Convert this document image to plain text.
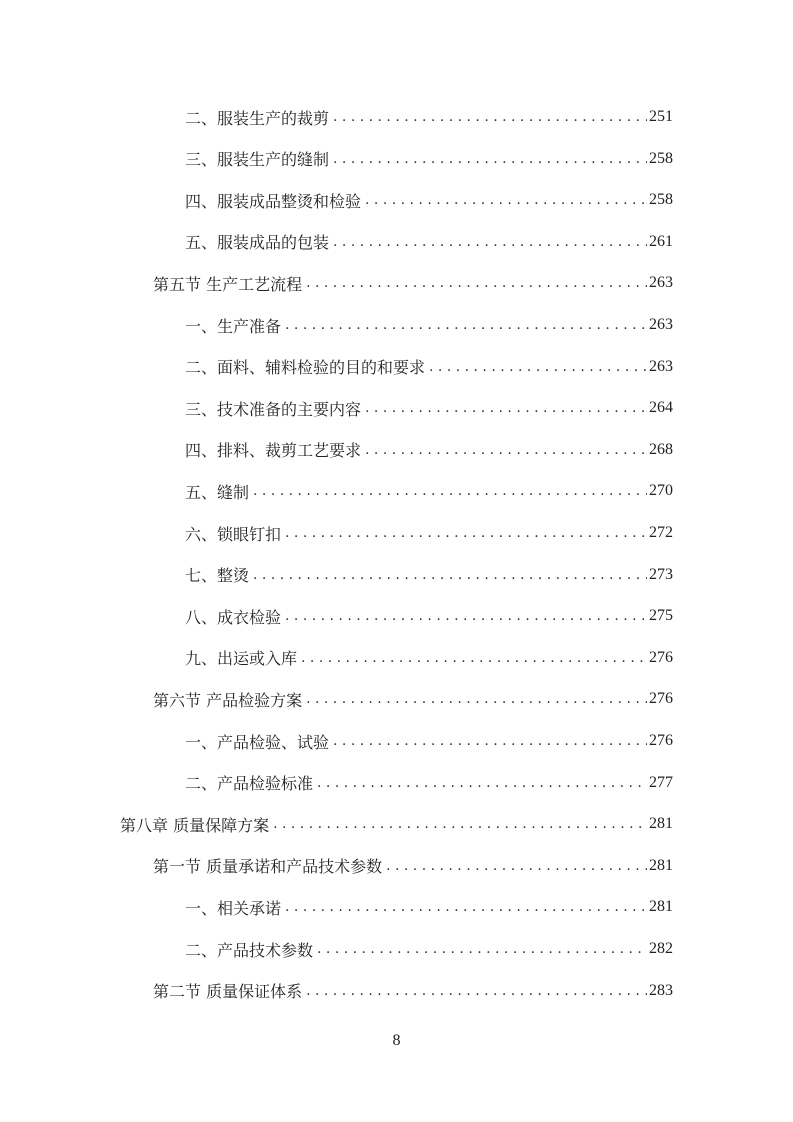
二、服装生产的裁剪 . . .	251
三、服装生产的缝制 . . .	258
四、服装成品整烫和检验 . . .	258
五、服装成品的包装 . . .	261
第五节 生产工艺流程 . . .	263
一、生产准备 . . .	263
二、面料、辅料检验的目的和要求 . . .	263
三、技术准备的主要内容 . . .	264
四、排料、裁剪工艺要求 . . .	268
五、缝制 . . .	270
六、锁眼钉扣 . . .	272
七、整烫 . . .	273
八、成衣检验 . . .	275
九、出运或入库 . . .	276
第六节 产品检验方案 . . .	276
一、产品检验、试验 . . .	276
二、产品检验标准 . . .	277
第八章 质量保障方案 . . .	281
第一节 质量承诺和产品技术参数 . . .	281
一、相关承诺 . . .	281
二、产品技术参数 . . .	282
第二节 质量保证体系 . . .	283
8
